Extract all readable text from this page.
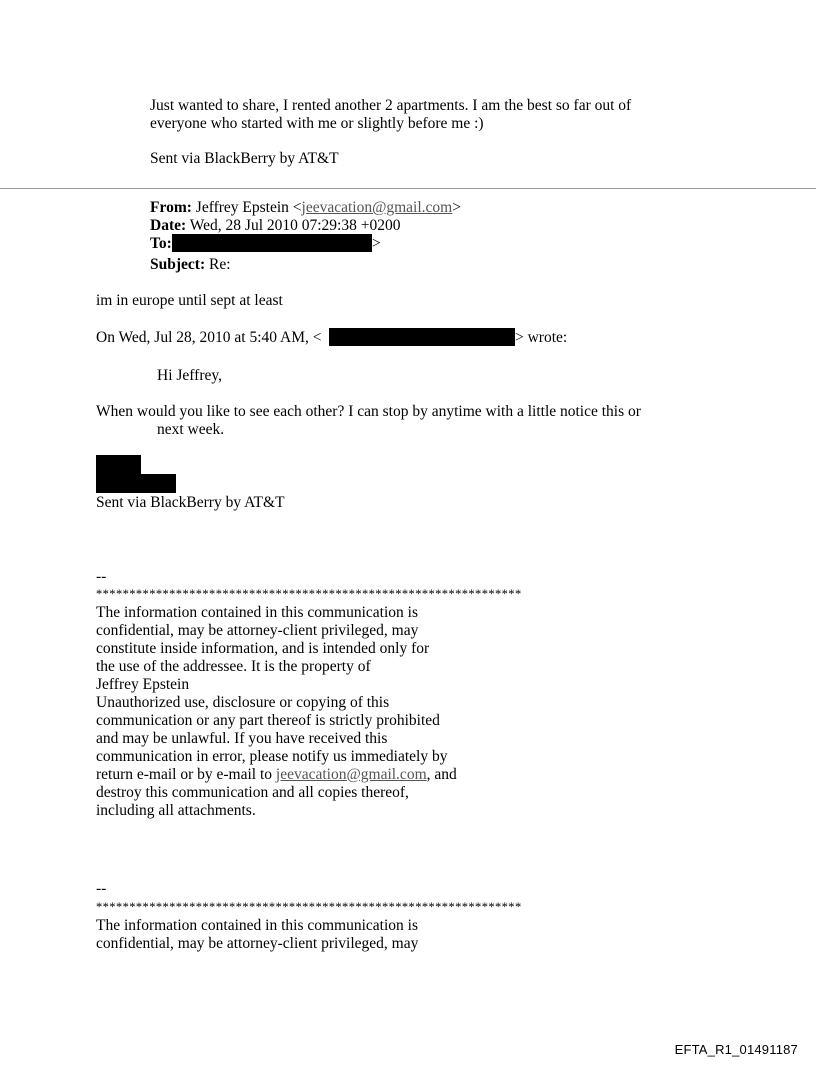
Just wanted to share, I rented another 2 apartments. I am the best so far out of
everyone who started with me or slightly before me :)
Sent via BlackBerry by AT&T
From: Jeffrey Epstein <jeevacation@gmail.com>
Date: Wed, 28 Jul 2010 07:29:38 +0200
To:	>
Subject: Re:
im in europe until sept at least
On Wed, Jul 28, 2010 at 5:40 AM, <	> wrote:
Hi Jeffrey,
When would you like to see each other? I can stop by anytime with a little notice this or
next week.
Sent via BlackBerry by AT&T
--
****************************************************************
The information contained in this communication is
confidential, may be attorney-client privileged, may
constitute inside information, and is intended only for
the use of the addressee. It is the property of
Jeffrey Epstein
Unauthorized use, disclosure or copying of this
communication or any part thereof is strictly prohibited
and may be unlawful. If you have received this
communication in error, please notify us immediately by
return e-mail or by e-mail to jeevacation@gmail.com, and
destroy this communication and all copies thereof,
including all attachments.
--
****************************************************************
The information contained in this communication is
confidential, may be attorney-client privileged, may
EFTA_R1_01491187
